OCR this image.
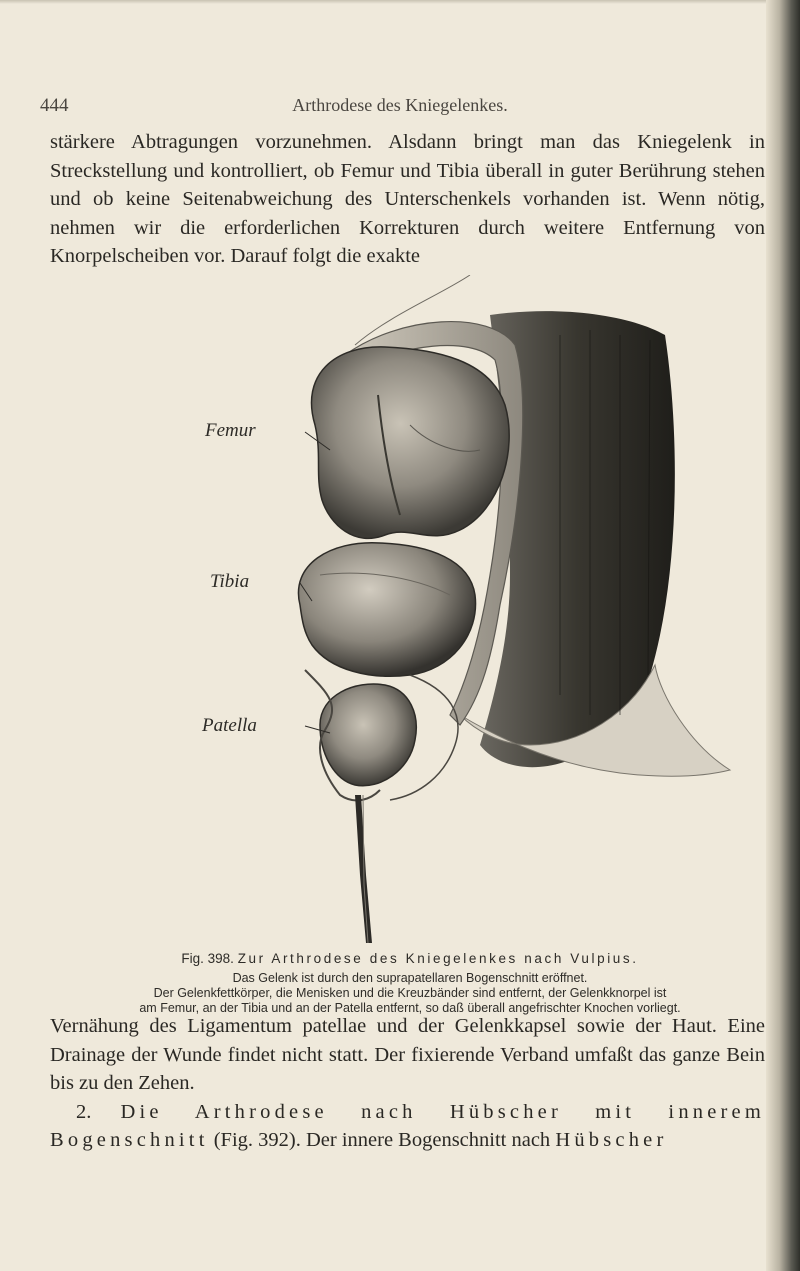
444	Arthrodese des Kniegelenkes.

stärkere Abtragungen vorzunehmen. Alsdann bringt man das Kniegelenk in Streckstellung und kontrolliert, ob Femur und Tibia überall in guter Berührung stehen und ob keine Seitenabweichung des Unterschenkels vorhanden ist. Wenn nötig, nehmen wir die erforderlichen Korrekturen durch weitere Entfernung von Knorpelscheiben vor. Darauf folgt die exakte

Femur
Tibia
Patella
Fig. 398. Zur Arthrodese des Kniegelenkes nach Vulpius.
Das Gelenk ist durch den suprapatellaren Bogenschnitt eröffnet.
Der Gelenkfettkörper, die Menisken und die Kreuzbänder sind entfernt, der Gelenkknorpel ist
am Femur, an der Tibia und an der Patella entfernt, so daß überall angefrischter Knochen vorliegt.
Vernähung des Ligamentum patellae und der Gelenkkapsel sowie der Haut. Eine Drainage der Wunde findet nicht statt. Der fixierende Verband umfaßt das ganze Bein bis zu den Zehen.
2. Die Arthrodese nach Hübscher mit innerem Bogenschnitt (Fig. 392). Der innere Bogenschnitt nach Hübscher
